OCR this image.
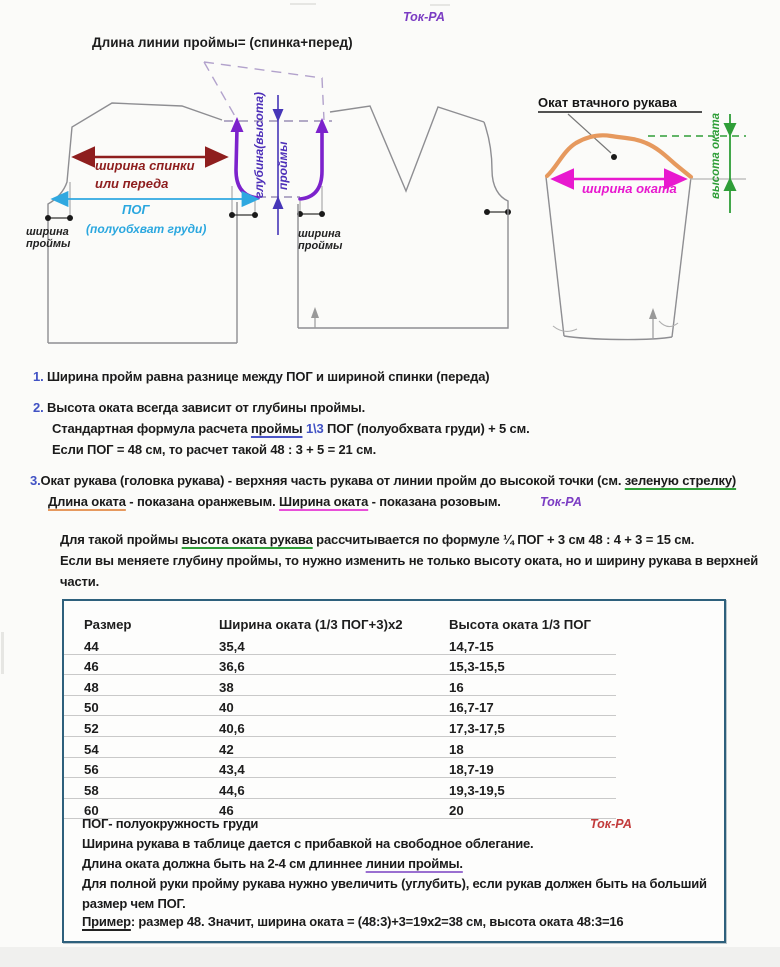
Ток-РА
Длина линии проймы= (спинка+перед)
глубина(высота) проймы
ширина спинки
или переда
ПОГ
(полуобхват груди)
ширина
проймы
ширина
проймы
Окат втачного рукава
ширина оката	высота оката
1. Ширина пройм равна разнице между ПОГ и шириной спинки (переда)
2. Высота оката всегда зависит от глубины проймы.
Стандартная формула расчета проймы 1\3 ПОГ (полуобхвата груди) + 5 см.
Если ПОГ = 48 см, то расчет такой 48 : 3 + 5 = 21 см.
3.Окат рукава (головка рукава) - верхняя часть рукава от линии пройм до высокой точки (см. зеленую стрелку)
Длина оката - показана оранжевым. Ширина оката - показана розовым.	Ток-РА
Для такой проймы высота оката рукава рассчитывается по формуле ¼ ПОГ + 3 см 48 : 4 + 3 = 15 см.
Если вы меняете глубину проймы, то нужно изменить не только высоту оката, но и ширину рукава в верхней
части.
Размер	Ширина оката (1/3 ПОГ+3)х2	Высота оката 1/3 ПОГ
44	35,4	14,7-15
46	36,6	15,3-15,5
48	38	16
50	40	16,7-17
52	40,6	17,3-17,5
54	42	18
56	43,4	18,7-19
58	44,6	19,3-19,5
60	46	20
ПОГ- полуокружность груди	Ток-РА
Ширина рукава в таблице дается с прибавкой на свободное облегание.
Длина оката должна быть на 2-4 см длиннее линии проймы.
Для полной руки пройму рукава нужно увеличить (углубить), если рукав должен быть на больший
размер чем ПОГ.
Пример: размер 48. Значит, ширина оката = (48:3)+3=19х2=38 см, высота оката 48:3=16
